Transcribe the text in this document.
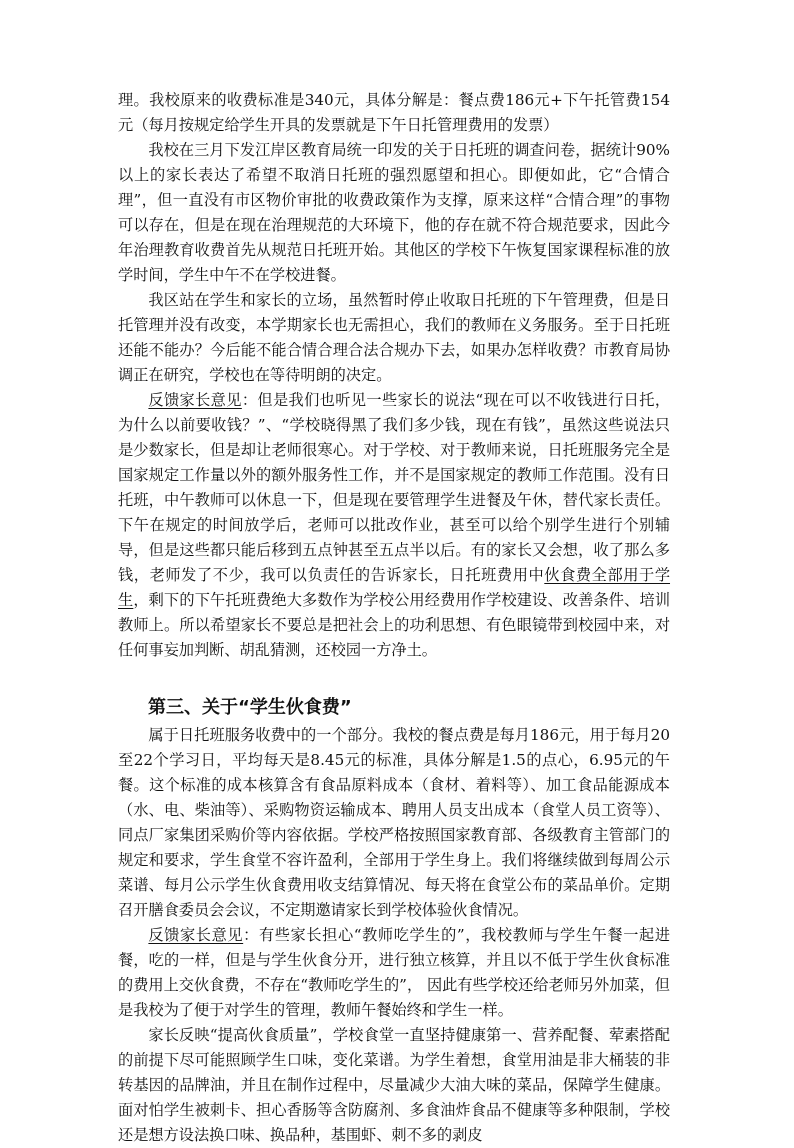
理。我校原来的收费标准是340元，具体分解是：餐点费186元+下午托管费154元（每月按规定给学生开具的发票就是下午日托管理费用的发票）

我校在三月下发江岸区教育局统一印发的关于日托班的调查问卷，据统计90%以上的家长表达了希望不取消日托班的强烈愿望和担心。即便如此，它“合情合理”，但一直没有市区物价审批的收费政策作为支撑，原来这样“合情合理”的事物可以存在，但是在现在治理规范的大环境下，他的存在就不符合规范要求，因此今年治理教育收费首先从规范日托班开始。其他区的学校下午恢复国家课程标准的放学时间，学生中午不在学校进餐。

我区站在学生和家长的立场，虽然暂时停止收取日托班的下午管理费，但是日托管理并没有改变，本学期家长也无需担心，我们的教师在义务服务。至于日托班还能不能办？今后能不能合情合理合法合规办下去，如果办怎样收费？市教育局协调正在研究，学校也在等待明朗的决定。

反馈家长意见：但是我们也听见一些家长的说法“现在可以不收钱进行日托，为什么以前要收钱？”、“学校晓得黑了我们多少钱，现在有钱”，虽然这些说法只是少数家长，但是却让老师很寒心。对于学校、对于教师来说，日托班服务完全是国家规定工作量以外的额外服务性工作，并不是国家规定的教师工作范围。没有日托班，中午教师可以休息一下，但是现在要管理学生进餐及午休，替代家长责任。下午在规定的时间放学后，老师可以批改作业，甚至可以给个别学生进行个别辅导，但是这些都只能后移到五点钟甚至五点半以后。有的家长又会想，收了那么多钱，老师发了不少，我可以负责任的告诉家长，日托班费用中伙食费全部用于学生，剩下的下午托班费绝大多数作为学校公用经费用作学校建设、改善条件、培训教师上。所以希望家长不要总是把社会上的功利思想、有色眼镜带到校园中来，对任何事妄加判断、胡乱猜测，还校园一方净土。

第三、关于“学生伙食费”

属于日托班服务收费中的一个部分。我校的餐点费是每月186元，用于每月20至22个学习日，平均每天是8.45元的标准，具体分解是1.5的点心，6.95元的午餐。这个标准的成本核算含有食品原料成本（食材、着料等）、加工食品能源成本（水、电、柴油等）、采购物资运输成本、聘用人员支出成本（食堂人员工资等）、同点厂家集团采购价等内容依据。学校严格按照国家教育部、各级教育主管部门的规定和要求，学生食堂不容许盈利，全部用于学生身上。我们将继续做到每周公示菜谱、每月公示学生伙食费用收支结算情况、每天将在食堂公布的菜品单价。定期召开膳食委员会会议，不定期邀请家长到学校体验伙食情况。

反馈家长意见：有些家长担心“教师吃学生的”，我校教师与学生午餐一起进餐，吃的一样，但是与学生伙食分开，进行独立核算，并且以不低于学生伙食标准的费用上交伙食费，不存在“教师吃学生的”， 因此有些学校还给老师另外加菜，但是我校为了便于对学生的管理，教师午餐始终和学生一样。

家长反映“提高伙食质量”，学校食堂一直坚持健康第一、营养配餐、荤素搭配的前提下尽可能照顾学生口味，变化菜谱。为学生着想，食堂用油是非大桶装的非转基因的品牌油，并且在制作过程中，尽量减少大油大味的菜品，保障学生健康。面对怕学生被刺卡、担心香肠等含防腐剂、多食油炸食品不健康等多种限制，学校还是想方设法换口味、换品种，基围虾、刺不多的剥皮
